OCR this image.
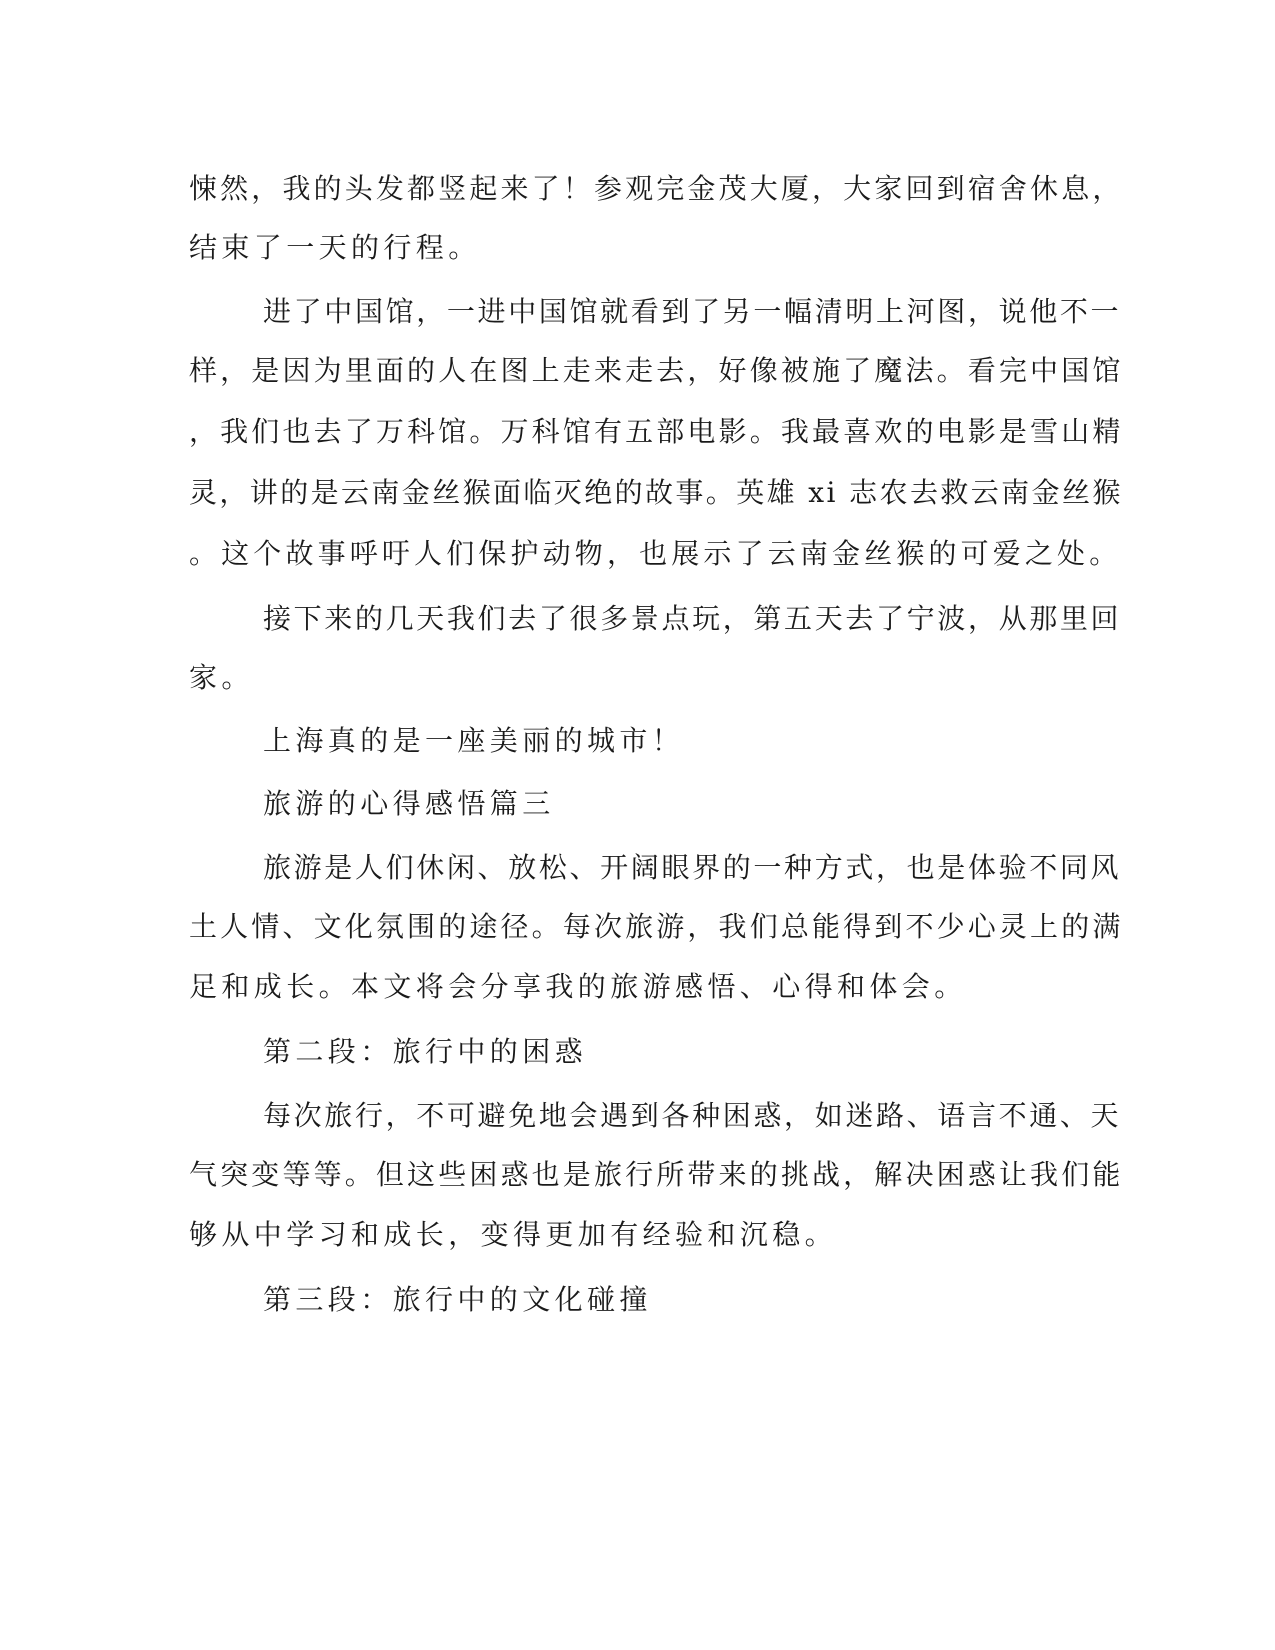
悚然，我的头发都竖起来了！参观完金茂大厦，大家回到宿舍休息，
结束了一天的行程。
进了中国馆，一进中国馆就看到了另一幅清明上河图，说他不一
样，是因为里面的人在图上走来走去，好像被施了魔法。看完中国馆
，我们也去了万科馆。万科馆有五部电影。我最喜欢的电影是雪山精
灵，讲的是云南金丝猴面临灭绝的故事。英雄 xi 志农去救云南金丝猴
。这个故事呼吁人们保护动物，也展示了云南金丝猴的可爱之处。
接下来的几天我们去了很多景点玩，第五天去了宁波，从那里回
家。
上海真的是一座美丽的城市！
旅游的心得感悟篇三
旅游是人们休闲、放松、开阔眼界的一种方式，也是体验不同风
土人情、文化氛围的途径。每次旅游，我们总能得到不少心灵上的满
足和成长。本文将会分享我的旅游感悟、心得和体会。
第二段：旅行中的困惑
每次旅行，不可避免地会遇到各种困惑，如迷路、语言不通、天
气突变等等。但这些困惑也是旅行所带来的挑战，解决困惑让我们能
够从中学习和成长，变得更加有经验和沉稳。
第三段：旅行中的文化碰撞
